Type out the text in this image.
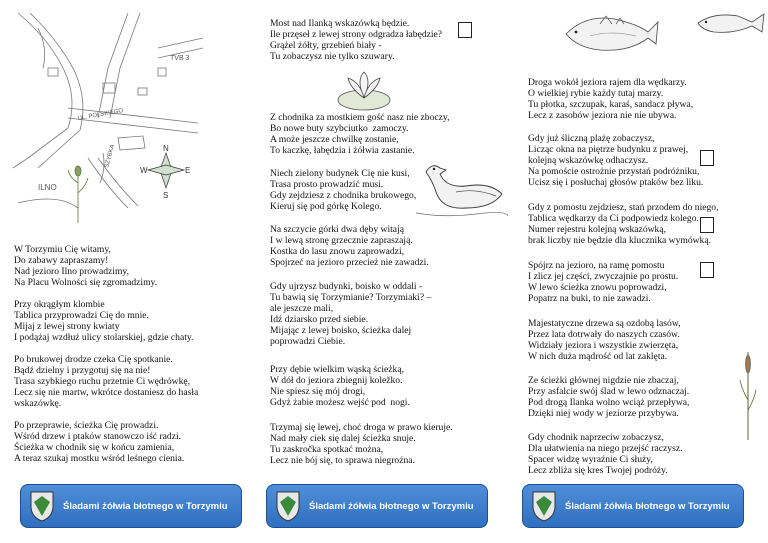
UL. POLSKIEGO
SZYBKA
TVB 3
ILNO
N
E
S
W
W Torzymiu Cię witamy,
Do zabawy zapraszamy!
Nad jezioro Ilno prowadzimy,
Na Placu Wolności się zgromadzimy.
Przy okrągłym klombie
Tablica przyprowadzi Cię do mnie.
Mijaj z lewej strony kwiaty
I podążaj wzdłuż ulicy stolarskiej, gdzie chaty.
Po brukowej drodze czeka Cię spotkanie.
Bądź dzielny i przygotuj się na nie!
Trasa szybkiego ruchu przetnie Ci wędrówkę,
Lecz się nie martw, wkrótce dostaniesz do hasła
wskazówkę.
Po przeprawie, ścieżka Cię prowadzi.
Wśród drzew i ptaków stanowczo iść radzi.
Ścieżka w chodnik się w końcu zamienia,
A teraz szukaj mostku wśród leśnego cienia.
Śladami żółwia błotnego w Torzymiu
Most nad Ilanką wskazówką będzie.
Ile przęseł z lewej strony odgradza łabędzie?
Grążel żółty, grzebień biały -
Tu zobaczysz nie tylko szuwary.
Z chodnika za mostkiem gość nasz nie zboczy,
Bo nowe buty szybciutko  zamoczy.
A może jeszcze chwilkę zostanie,
To kaczkę, łabędzia i żółwia zastanie.
Niech zielony budynek Cię nie kusi,
Trasa prosto prowadzić musi.
Gdy zejdziesz z chodnika brukowego,
Kieruj się pod górkę Kolego.
Na szczycie górki dwa dęby witają
I w lewą stronę grzecznie zapraszają.
Kostka do lasu znowu zaprowadzi,
Spojrzeć na jezioro przecież nie zawadzi.
Gdy ujrzysz budynki, boisko w oddali -
Tu bawią się Torzymianie? Torzymiaki? –
ale jeszcze mali,
Idź dziarsko przed siebie.
Mijając z lewej boisko, ścieżka dalej
poprowadzi Ciebie.
Przy dębie wielkim wąską ścieżką,
W dół do jeziora zbiegnij koležko.
Nie spiesz się mój drogi,
Gdyż żabie możesz wejść pod  nogi.
Trzymaj się lewej, choć droga w prawo kieruje.
Nad mały ciek się dalej ścieżka snuje.
Tu zaskročka spotkać można,
Lecz nie bój się, to sprawa niegroźna.
Śladami żółwia błotnego w Torzymiu
Droga wokół jeziora rajem dla wędkarzy.
O wielkiej rybie każdy tutaj marzy.
Tu płotka, szczupak, karaś, sandacz pływa,
Lecz z zasobów jeziora nie nie ubywa.
Gdy już śliczną plażę zobaczysz,
Licząc okna na piętrze budynku z prawej,
kolejną wskazówkę odhaczysz.
Na pomoście ostrożnie przystań podróżniku,
Ucisz się i posłuchaj głosów ptaków bez liku.
Gdy z pomostu zejdziesz, stań przodem do niego,
Tablica wędkarzy da Ci podpowiedz kolego.
Numer rejestru kolejną wskazówką,
brak liczby nie będzie dla klucznika wymówką.
Spójrz na jezioro, na ramę pomostu
I zlicz jej części, zwyczajnie po prostu.
W lewo ścieżka znowu poprowadzi,
Popatrz na buki, to nie zawadzi.
Majestatyczne drzewa są ozdobą lasów,
Przez lata dotrwały do naszych czasów.
Widziały jeziora i wszystkie zwierzęta,
W nich duża mądrość od lat zaklęta.
Ze ścieżki głównej nigdzie nie zbaczaj,
Przy asfalcie swój ślad w lewo odznaczaj.
Pod drogą Ilanka wolno wciąż przepływa,
Dzięki niej wody w jeziorze przybywa.
Gdy chodnik naprzeciw zobaczysz,
Dla ułatwienia na niego przejść raczysz.
Spacer widzę wyraźnie Ci służy,
Lecz zbliża się kres Twojej podróży.
Śladami żółwia błotnego w Torzymiu
